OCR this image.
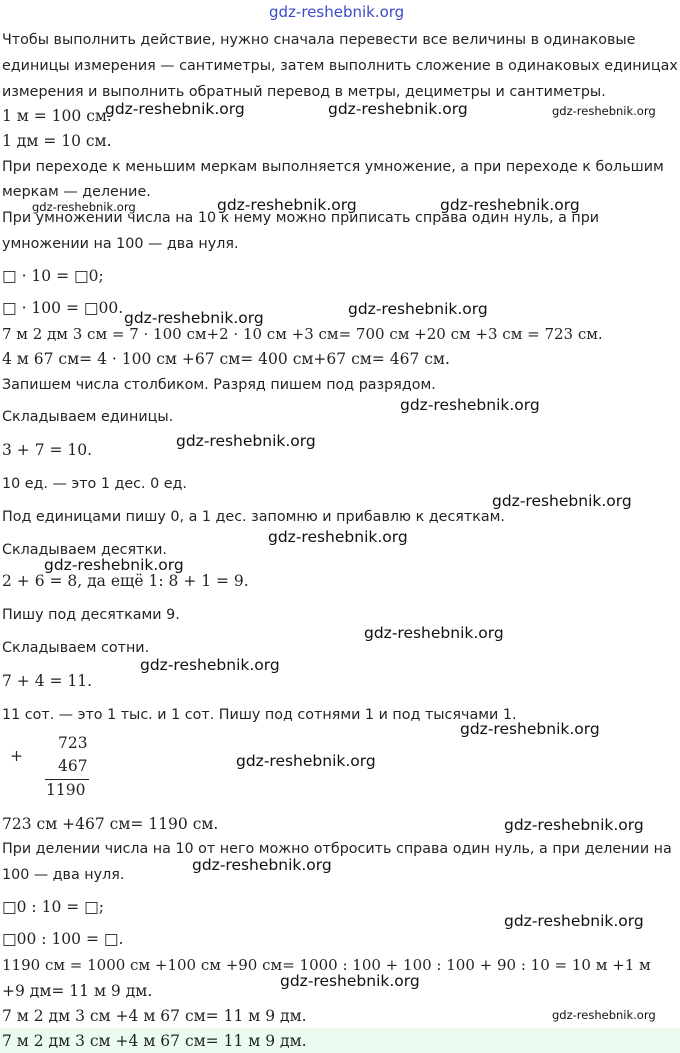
gdz-reshebnik.org
gdz-reshebnik.org	gdz-reshebnik.org	gdz-reshebnik.org
gdz-reshebnik.org	gdz-reshebnik.org	gdz-reshebnik.org
gdz-reshebnik.org	gdz-reshebnik.org
gdz-reshebnik.org
gdz-reshebnik.org
gdz-reshebnik.org
gdz-reshebnik.org
gdz-reshebnik.org
gdz-reshebnik.org
gdz-reshebnik.org
gdz-reshebnik.org
gdz-reshebnik.org
gdz-reshebnik.org
gdz-reshebnik.org
gdz-reshebnik.org
gdz-reshebnik.org
gdz-reshebnik.org
Чтобы выполнить действие, нужно сначала перевести все величины в одинаковые
единицы измерения — сантиметры, затем выполнить сложение в одинаковых единицах
измерения и выполнить обратный перевод в метры, дециметры и сантиметры.
1 м = 100 см.
1 дм = 10 см.
При переходе к меньшим меркам выполняется умножение, а при переходе к большим
меркам — деление.
При умножении числа на 10 к нему можно приписать справа один нуль, а при
умножении на 100 — два нуля.
□ · 10 = □0;
□ · 100 = □00.
7 м 2 дм 3 см = 7 · 100 см+2 · 10 см +3 см= 700 см +20 см +3 см = 723 см.
4 м 67 см= 4 · 100 см +67 см= 400 см+67 см= 467 см.
Запишем числа столбиком. Разряд пишем под разрядом.
Складываем единицы.
3 + 7 = 10.
10 ед. — это 1 дес. 0 ед.
Под единицами пишу 0, а 1 дес. запомню и прибавлю к десяткам.
Складываем десятки.
2 + 6 = 8, да ещё 1: 8 + 1 = 9.
Пишу под десятками 9.
Складываем сотни.
7 + 4 = 11.
11 сот. — это 1 тыс. и 1 сот. Пишу под сотнями 1 и под тысячами 1.
+
723
467
1190
723 см +467 см= 1190 см.
При делении числа на 10 от него можно отбросить справа один нуль, а при делении на
100 — два нуля.
□0 : 10 = □;
□00 : 100 = □.
1190 см = 1000 см +100 см +90 см= 1000 : 100 + 100 : 100 + 90 : 10 = 10 м +1 м
+9 дм= 11 м 9 дм.
7 м 2 дм 3 см +4 м 67 см= 11 м 9 дм.
7 м 2 дм 3 см +4 м 67 см= 11 м 9 дм.
